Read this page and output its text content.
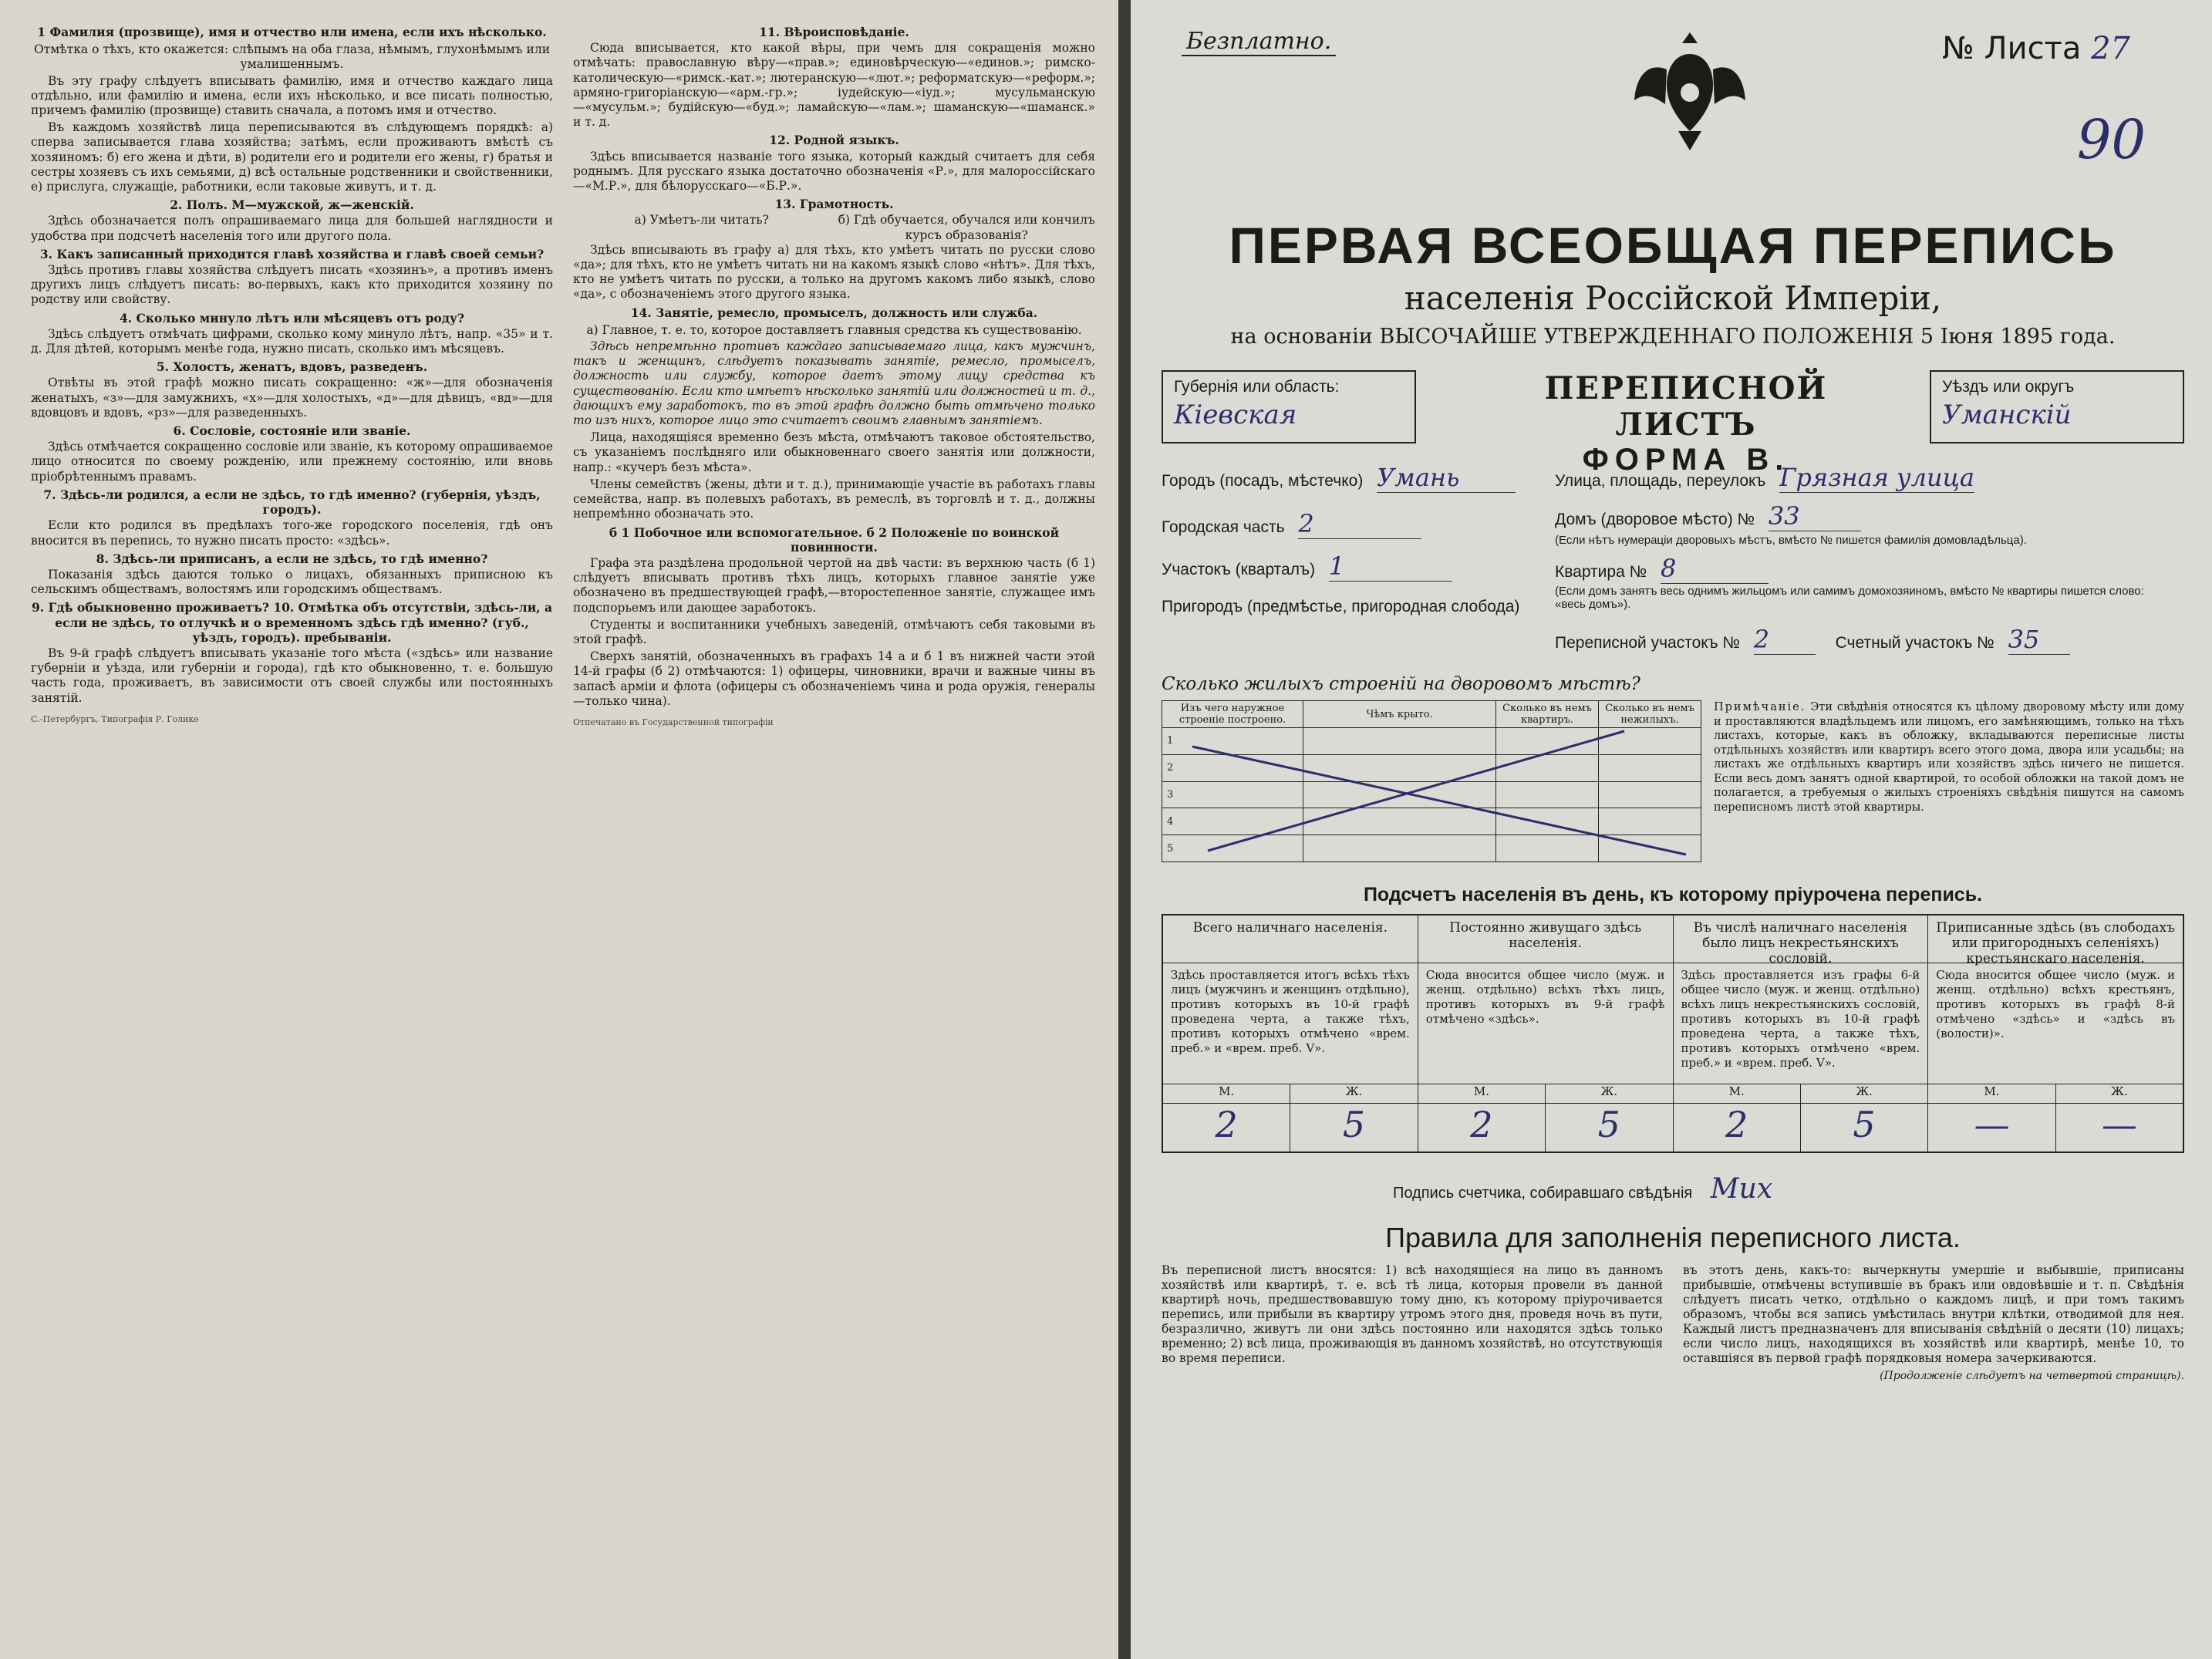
1 Фамилия (прозвище), имя и отчество или имена, если ихъ нѣсколько.
Отмѣтка о тѣхъ, кто окажется: слѣпымъ на оба глаза, нѣмымъ, глухонѣмымъ или умалишеннымъ.

Въ эту графу слѣдуетъ вписывать фамилію, имя и отчество каждаго лица отдѣльно, или фамилію и имена, если ихъ нѣсколько, и все писать полностью, причемъ фамилію (прозвище) ставить сначала, а потомъ имя и отчество.

Въ каждомъ хозяйствѣ лица переписываются въ слѣдующемъ порядкѣ: а) сперва записывается глава хозяйства; затѣмъ, если проживаютъ вмѣстѣ съ хозяиномъ: б) его жена и дѣти, в) родители его и родители его жены, г) братья и сестры хозяевъ съ ихъ семьями, д) всѣ остальные родственники и свойственники, е) прислуга, служащіе, работники, если таковые живутъ, и т. д.

2. Полъ. М—мужской, ж—женскій.

Здѣсь обозначается полъ опрашиваемаго лица для большей наглядности и удобства при подсчетѣ населенія того или другого пола.

3. Какъ записанный приходится главѣ хозяйства и главѣ своей семьи?

Здѣсь противъ главы хозяйства слѣдуетъ писать «хозяинъ», а противъ именъ другихъ лицъ слѣдуетъ писать: во-первыхъ, какъ кто приходится хозяину по родству или свойству.

4. Сколько минуло лѣтъ или мѣсяцевъ отъ роду?

Здѣсь слѣдуетъ отмѣчать цифрами, сколько кому минуло лѣтъ, напр. «35» и т. д. Для дѣтей, которымъ менѣе года, нужно писать, сколько имъ мѣсяцевъ.

5. Холостъ, женатъ, вдовъ, разведенъ.

Отвѣты въ этой графѣ можно писать сокращенно: «ж»—для обозначенія женатыхъ, «з»—для замужнихъ, «х»—для холостыхъ, «д»—для дѣвицъ, «вд»—для вдовцовъ и вдовъ, «рз»—для разведенныхъ.

6. Сословіе, состояніе или званіе.

Здѣсь отмѣчается сокращенно сословіе или званіе, къ которому опрашиваемое лицо относится по своему рожденію, или прежнему состоянію, или вновь пріобрѣтеннымъ правамъ.

7. Здѣсь-ли родился, а если не здѣсь, то гдѣ именно? (губернія, уѣздъ, городъ).

Если кто родился въ предѣлахъ того-же городского поселенія, гдѣ онъ вносится въ перепись, то нужно писать просто: «здѣсь».

8. Здѣсь-ли приписанъ, а если не здѣсь, то гдѣ именно?

Показанія здѣсь даются только о лицахъ, обязанныхъ приписною къ сельскимъ обществамъ, волостямъ или городскимъ обществамъ.

9. Гдѣ обыкновенно проживаетъ? 10. Отмѣтка объ отсутствіи, здѣсь-ли, а если не здѣсь, то отлучкѣ и о временномъ здѣсь гдѣ именно? (губ., уѣздъ, городъ). пребываніи.

Въ 9-й графѣ слѣдуетъ вписывать указаніе того мѣста («здѣсь» или название губерніи и уѣзда, или губерніи и города), гдѣ кто обыкновенно, т. е. большую часть года, проживаетъ, въ зависимости отъ своей службы или постоянныхъ занятій.

С.-Петербургъ, Типографія Р. Голике
11. Вѣроисповѣданіе.

Сюда вписывается, кто какой вѣры, при чемъ для сокращенія можно отмѣчать: православную вѣру—«прав.»; единовѣрческую—«единов.»; римско-католическую—«римск.-кат.»; лютеранскую—«лют.»; реформатскую—«реформ.»; армяно-григорiанскую—«арм.-гр.»; іудейскую—«іуд.»; мусульманскую—«мусульм.»; будійскую—«буд.»; ламайскую—«лам.»; шаманскую—«шаманск.» и т. д.

12. Родной языкъ.

Здѣсь вписывается названіе того языка, который каждый считаетъ для себя роднымъ. Для русскаго языка достаточно обозначенія «Р.», для малороссійскаго—«М.Р.», для бѣлорусскаго—«Б.Р.».

13. Грамотность.
а) Умѣетъ-ли читать?	б) Гдѣ обучается, обучался или кончилъ курсъ образованія?

Здѣсь вписывають въ графу а) для тѣхъ, кто умѣетъ читать по русски слово «да»; для тѣхъ, кто не умѣетъ читать ни на какомъ языкѣ слово «нѣтъ». Для тѣхъ, кто не умѣетъ читать по русски, а только на другомъ какомъ либо языкѣ, слово «да», с обозначеніемъ этого другого языка.

14. Занятіе, ремесло, промыселъ, должность или служба.
а) Главное, т. е. то, которое доставляетъ главныя средства къ существованію.

Здѣсь непремѣнно противъ каждаго записываемаго лица, какъ мужчинъ, такъ и женщинъ, слѣдуетъ показывать занятіе, ремесло, промыселъ, должность или службу, которое даетъ этому лицу средства къ существованію. Если кто имѣетъ нѣсколько занятій или должностей и т. д., дающихъ ему заработокъ, то въ этой графѣ должно быть отмѣчено только то изъ нихъ, которое лицо это считаетъ своимъ главнымъ занятіемъ.

Лица, находящіяся временно безъ мѣста, отмѣчаютъ таковое обстоятельство, съ указаніемъ послѣдняго или обыкновеннаго своего занятія или должности, напр.: «кучеръ безъ мѣста».

Члены семействъ (жены, дѣти и т. д.), принимающіе участіе въ работахъ главы семейства, напр. въ полевыхъ работахъ, въ ремеслѣ, въ торговлѣ и т. д., должны непремѣнно обозначать это.

б 1 Побочное или вспомогательное. б 2 Положеніе по воинской повинности.

Графа эта раздѣлена продольной чертой на двѣ части: въ верхнюю часть (б 1) слѣдуетъ вписывать противъ тѣхъ лицъ, которыхъ главное занятіе уже обозначено въ предшествующей графѣ,—второстепенное занятіе, служащее имъ подспорьемъ или дающее заработокъ.

Студенты и воспитанники учебныхъ заведеній, отмѣчаютъ себя таковыми въ этой графѣ.

Сверхъ занятій, обозначенныхъ въ графахъ 14 а и б 1 въ нижней части этой 14-й графы (б 2) отмѣчаются: 1) офицеры, чиновники, врачи и важные чины въ запасѣ арміи и флота (офицеры съ обозначеніемъ чина и рода оружія, генералы—только чина).

Отпечатано въ Государственной типографіи
Безплатно.	№ Листа 27
90
ПЕРВАЯ ВСЕОБЩАЯ ПЕРЕПИСЬ
населенія Россійской Имперіи,
на основаніи ВЫСОЧАЙШЕ УТВЕРЖДЕННАГО ПОЛОЖЕНІЯ 5 Іюня 1895 года.
Губернія или область:
Кіевская
ПЕРЕПИСНОЙ ЛИСТЪ
ФОРМА В.
Уѣздъ или округъ
Уманскій
Городъ (посадъ, мѣстечко) Умань
Городская часть 2
Участокъ (кварталъ) 1
Пригородъ (предмѣстье, пригородная слобода)
Улица, площадь, переулокъ Грязная улица
Домъ (дворовое мѣсто) № 33
(Если нѣтъ нумераціи дворовыхъ мѣстъ, вмѣсто № пишется фамилія домовладѣльца).
Квартира № 8
(Если домъ занятъ весь однимъ жильцомъ или самимъ домохозяиномъ, вмѣсто № квартиры пишется слово: «весь домъ»).
Переписной участокъ № 2	Счетный участокъ № 35
Сколько жилыхъ строеній на дворовомъ мѣстѣ?
Изъ чего наружное строеніе построено.	Чѣмъ крыто.	Сколько въ немъ квартиръ.	Сколько въ немъ нежилыхъ.
1			
2			
3			
4			
5			
Примѣчаніе. Эти свѣдѣнія относятся къ цѣлому дворовому мѣсту или дому и проставляются владѣльцемъ или лицомъ, его замѣняющимъ, только на тѣхъ листахъ, которые, какъ въ обложку, вкладываются переписные листы отдѣльныхъ хозяйствъ или квартиръ всего этого дома, двора или усадьбы; на листахъ же отдѣльныхъ квартиръ или хозяйствъ здѣсь ничего не пишется. Если весь домъ занятъ одной квартирой, то особой обложки на такой домъ не полагается, а требуемыя о жилыхъ строеніяхъ свѣдѣнія пишутся на самомъ переписномъ листѣ этой квартиры.
Подсчетъ населенія въ день, къ которому пріурочена перепись.
Всего наличнаго населенія.
Здѣсь проставляется итогъ всѣхъ тѣхъ лицъ (мужчинъ и женщинъ отдѣльно), противъ которыхъ въ 10-й графѣ проведена черта, а также тѣхъ, противъ которыхъ отмѣчено «врем. преб.» и «врем. преб. V».
М.	Ж.
2	5
Постоянно живущаго здѣсь населенія.
Сюда вносится общее число (муж. и женщ. отдѣльно) всѣхъ тѣхъ лицъ, противъ которыхъ въ 9-й графѣ отмѣчено «здѣсь».
М.	Ж.
2	5
Въ числѣ наличнаго населенія было лицъ некрестьянскихъ сословій.
Здѣсь проставляется изъ графы 6-й общее число (муж. и женщ. отдѣльно) всѣхъ лицъ некрестьянскихъ сословій, противъ которыхъ въ 10-й графѣ проведена черта, а также тѣхъ, противъ которыхъ отмѣчено «врем. преб.» и «врем. преб. V».
М.	Ж.
2	5
Приписанные здѣсь (въ слободахъ или пригородныхъ селеніяхъ) крестьянскаго населенія.
Сюда вносится общее число (муж. и женщ. отдѣльно) всѣхъ крестьянъ, противъ которыхъ въ графѣ 8-й отмѣчено «здѣсь» и «здѣсь въ (волости)».
М.	Ж.
—	—
Подпись счетчика, собиравшаго свѣдѣнія Мих
Правила для заполненія переписного листа.
Въ переписной листъ вносятся: 1) всѣ находящіеся на лицо въ данномъ хозяйствѣ или квартирѣ, т. е. всѣ тѣ лица, которыя провели въ данной квартирѣ ночь, предшествовавшую тому дню, къ которому пріурочивается перепись, или прибыли въ квартиру утромъ этого дня, проведя ночь въ пути, безразлично, живутъ ли они здѣсь постоянно или находятся здѣсь только временно; 2) всѣ лица, проживающія въ данномъ хозяйствѣ, но отсутствующія во время переписи.
въ этотъ день, какъ-то: вычеркнуты умершіе и выбывшіе, приписаны прибывшіе, отмѣчены вступившіе въ бракъ или овдовѣвшіе и т. п. Свѣдѣнія слѣдуетъ писать четко, отдѣльно о каждомъ лицѣ, и при томъ такимъ образомъ, чтобы вся запись умѣстилась внутри клѣтки, отводимой для нея. Каждый листъ предназначенъ для вписыванія свѣдѣній о десяти (10) лицахъ; если число лицъ, находящихся въ хозяйствѣ или квартирѣ, менѣе 10, то оставшіяся въ первой графѣ порядковыя номера зачеркиваются.
(Продолженіе слѣдуетъ на четвертой страницѣ).
